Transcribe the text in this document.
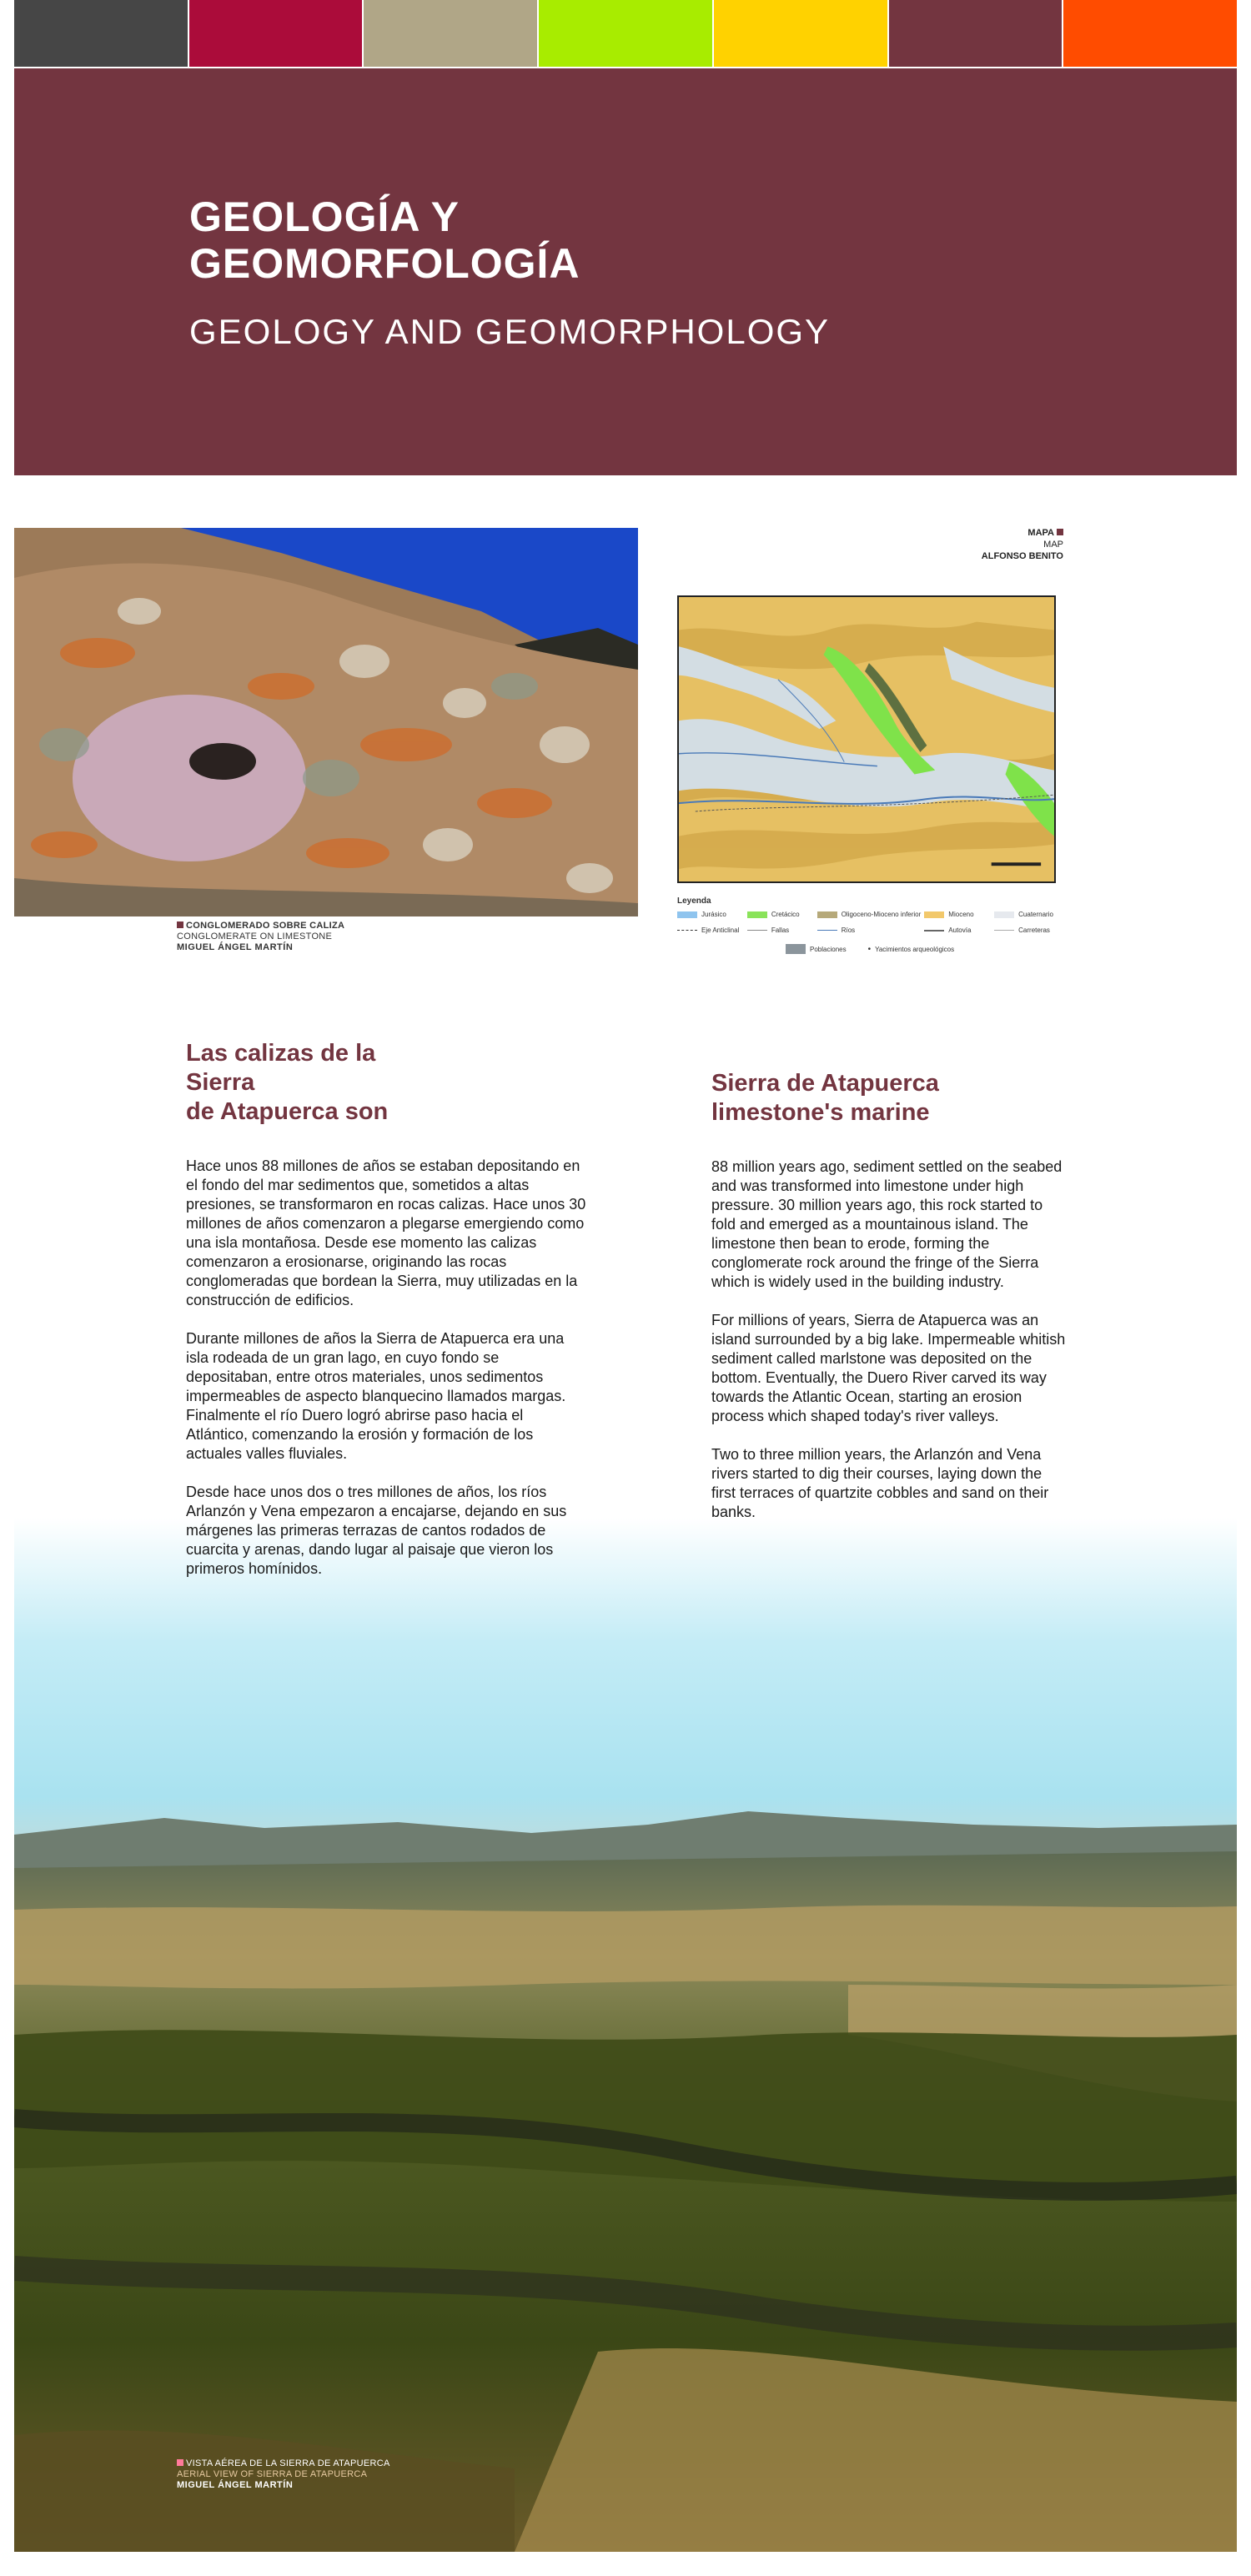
GEOLOGÍA Y
GEOMORFOLOGÍA
GEOLOGY AND GEOMORPHOLOGY
CONGLOMERADO SOBRE CALIZA
CONGLOMERATE ON LIMESTONE
MIGUEL ÁNGEL MARTÍN
MAPA
MAP
ALFONSO BENITO
Leyenda
Jurásico	Cretácico	Oligoceno-Mioceno inferior	Mioceno	Cuaternario
Eje Anticlinal	Fallas	Ríos	Autovía	Carreteras
Poblaciones	• Yacimientos arqueológicos
Las calizas de la
Sierra
de Atapuerca son

Hace unos 88 millones de años se estaban depositando en el fondo del mar sedimentos que, sometidos a altas presiones, se transformaron en rocas calizas. Hace unos 30 millones de años comenzaron a plegarse emergiendo como una isla montañosa. Desde ese momento las calizas comenzaron a erosionarse, originando las rocas conglomeradas que bordean la Sierra, muy utilizadas en la construcción de edificios.

Durante millones de años la Sierra de Atapuerca era una isla rodeada de un gran lago, en cuyo fondo se depositaban, entre otros materiales, unos sedimentos impermeables de aspecto blanquecino llamados margas. Finalmente el río Duero logró abrirse paso hacia el Atlántico, comenzando la erosión y formación de los actuales valles fluviales.

Desde hace unos dos o tres millones de años, los ríos Arlanzón y Vena empezaron a encajarse, dejando en sus márgenes las primeras terrazas de cantos rodados de cuarcita y arenas, dando lugar al paisaje que vieron los primeros homínidos.

Sierra de Atapuerca
limestone's marine

88 million years ago, sediment settled on the seabed and was transformed into limestone under high pressure. 30 million years ago, this rock started to fold and emerged as a mountainous island. The limestone then bean to erode, forming the conglomerate rock around the fringe of the Sierra which is widely used in the building industry.

For millions of years, Sierra de Atapuerca was an island surrounded by a big lake. Impermeable whitish sediment called marlstone was deposited on the bottom. Eventually, the Duero River carved its way towards the Atlantic Ocean, starting an erosion process which shaped today's river valleys.

Two to three million years, the Arlanzón and Vena rivers started to dig their courses, laying down the first terraces of quartzite cobbles and sand on their banks.

VISTA AÉREA DE LA SIERRA DE ATAPUERCA
AERIAL VIEW OF SIERRA DE ATAPUERCA
MIGUEL ÁNGEL MARTÍN
